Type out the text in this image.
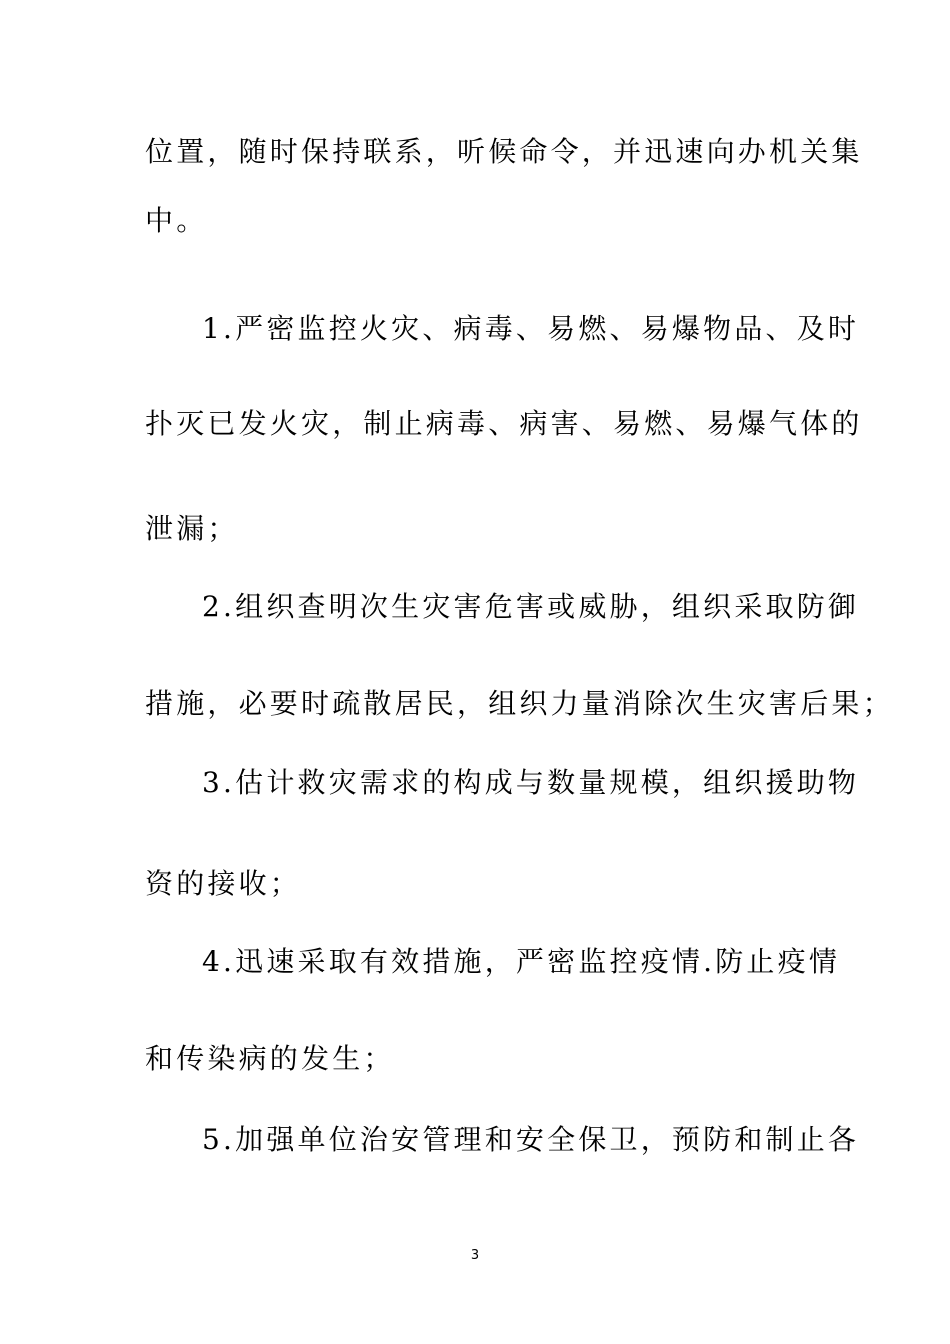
位置，随时保持联系，听候命令，并迅速向办机关集
中。
1.严密监控火灾、病毒、易燃、易爆物品、及时
扑灭已发火灾，制止病毒、病害、易燃、易爆气体的
泄漏；
2.组织查明次生灾害危害或威胁，组织采取防御
措施，必要时疏散居民，组织力量消除次生灾害后果；
3.估计救灾需求的构成与数量规模，组织援助物
资的接收；
4.迅速采取有效措施，严密监控疫情.防止疫情
和传染病的发生；
5.加强单位治安管理和安全保卫，预防和制止各
3
